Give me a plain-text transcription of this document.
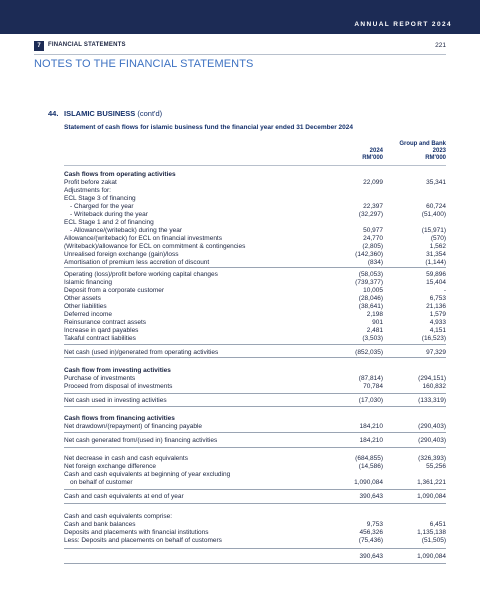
ANNUAL REPORT 2024
7	FINANCIAL STATEMENTS	221
NOTES TO THE FINANCIAL STATEMENTS
44. ISLAMIC BUSINESS (cont'd)
Statement of cash flows for islamic business fund the financial year ended 31 December 2024
Group and Bank
2024	2023
RM'000	RM'000
Cash flows from operating activities
Profit before zakat	22,099	35,341
Adjustments for:
ECL Stage 3 of financing
- Charged for the year	22,397	60,724
- Writeback during the year	(32,297)	(51,400)
ECL Stage 1 and 2 of financing
- Allowance/(writeback) during the year	50,977	(15,971)
Allowance/(writeback) for ECL on financial investments	24,770	(570)
(Writeback)/allowance for ECL on commitment & contingencies	(2,805)	1,562
Unrealised foreign exchange (gain)/loss	(142,360)	31,354
Amortisation of premium less accretion of discount	(834)	(1,144)
Operating (loss)/profit before working capital changes	(58,053)	59,896
Islamic financing	(739,377)	15,404
Deposit from a corporate customer	10,005	-
Other assets	(28,046)	6,753
Other liabilities	(38,641)	21,136
Deferred income	2,198	1,579
Reinsurance contract assets	901	4,933
Increase in qard payables	2,481	4,151
Takaful contract liabilities	(3,503)	(16,523)
Net cash (used in)/generated from operating activities	(852,035)	97,329
Cash flow from investing activities
Purchase of investments	(87,814)	(294,151)
Proceed from disposal of investments	70,784	160,832
Net cash used in investing activities	(17,030)	(133,319)
Cash flows from financing activities
Net drawdown/(repayment) of financing payable	184,210	(290,403)
Net cash generated from/(used in) financing activities	184,210	(290,403)
Net decrease in cash and cash equivalents	(684,855)	(326,393)
Net foreign exchange difference	(14,586)	55,256
Cash and cash equivalents at beginning of year excluding
on behalf of customer	1,090,084	1,361,221
Cash and cash equivalents at end of year	390,643	1,090,084
Cash and cash equivalents comprise:
Cash and bank balances	9,753	6,451
Deposits and placements with financial institutions	456,326	1,135,138
Less: Deposits and placements on behalf of customers	(75,436)	(51,505)
390,643	1,090,084
